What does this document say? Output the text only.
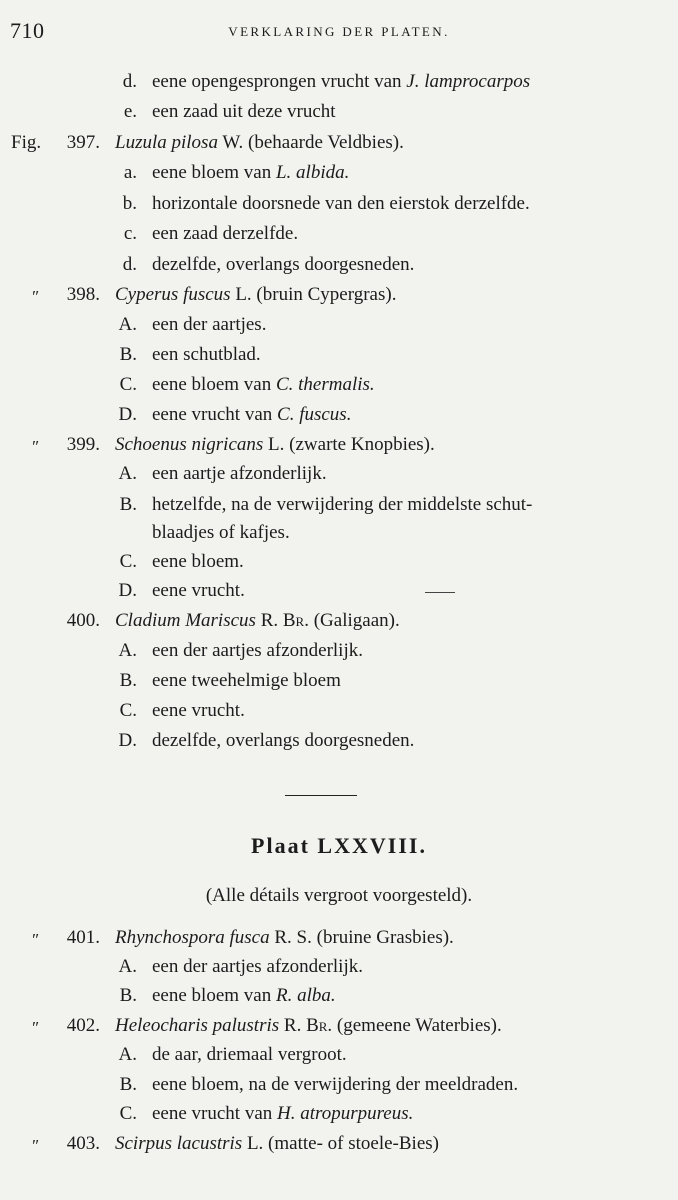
710	VERKLARING DER PLATEN.
d. eene opengesprongen vrucht van J. lamprocarpos
e. een zaad uit deze vrucht
Fig.	397. Luzula pilosa W. (behaarde Veldbies).
a. eene bloem van L. albida.
b. horizontale doorsnede van den eierstok derzelfde.
c. een zaad derzelfde.
d. dezelfde, overlangs doorgesneden.
″	398. Cyperus fuscus L. (bruin Cypergras).
A. een der aartjes.
B. een schutblad.
C. eene bloem van C. thermalis.
D. eene vrucht van C. fuscus.
″	399. Schoenus nigricans L. (zwarte Knopbies).
A. een aartje afzonderlijk.
B. hetzelfde, na de verwijdering der middelste schut-
blaadjes of kafjes.
C. eene bloem.
D. eene vrucht.
400. Cladium Mariscus R. Br. (Galigaan).
A. een der aartjes afzonderlijk.
B. eene tweehelmige bloem
C. eene vrucht.
D. dezelfde, overlangs doorgesneden.
Plaat LXXVIII.
(Alle détails vergroot voorgesteld).
″	401. Rhynchospora fusca R. S. (bruine Grasbies).
A. een der aartjes afzonderlijk.
B. eene bloem van R. alba.
″	402. Heleocharis palustris R. Br. (gemeene Waterbies).
A. de aar, driemaal vergroot.
B. eene bloem, na de verwijdering der meeldraden.
C. eene vrucht van H. atropurpureus.
″	403. Scirpus lacustris L. (matte- of stoele-Bies)
